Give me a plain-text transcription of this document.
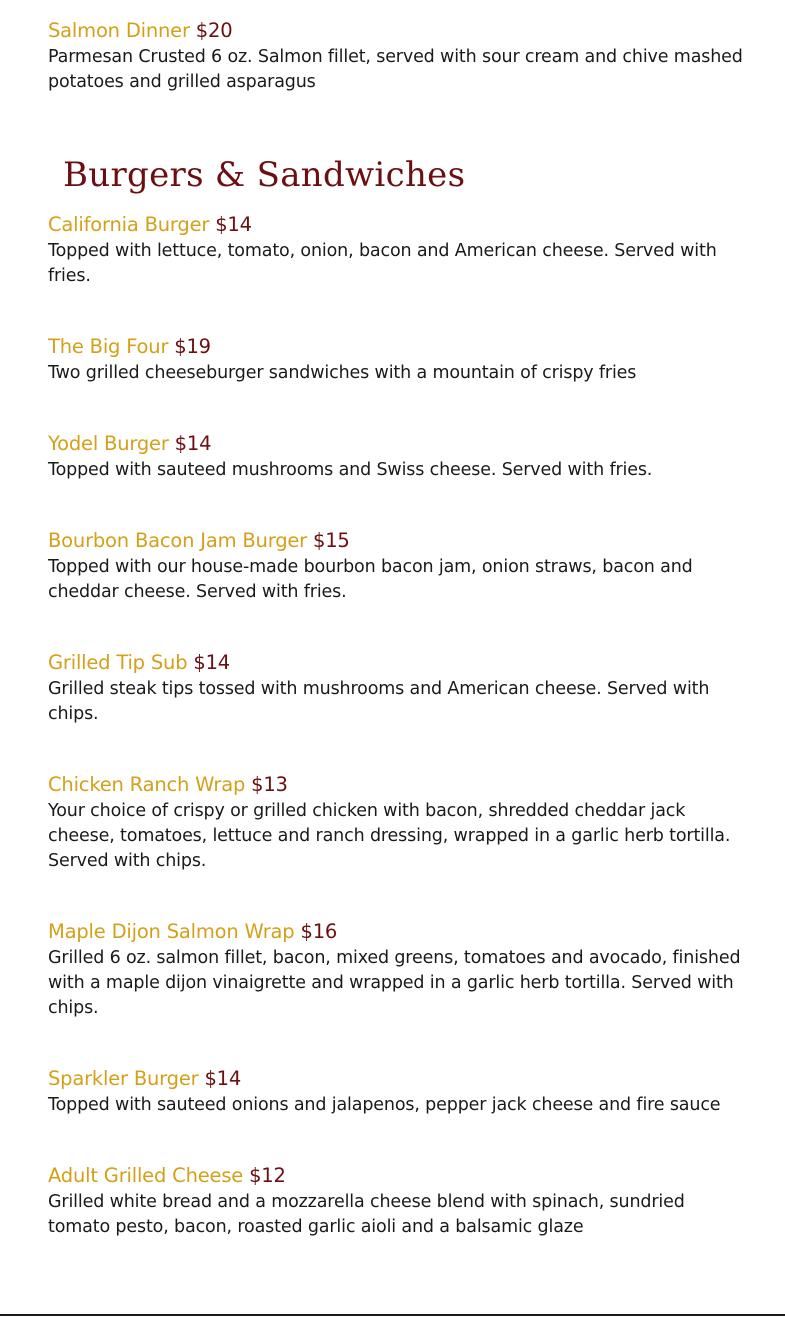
Salmon Dinner $20
Parmesan Crusted 6 oz. Salmon fillet, served with sour cream and chive mashed potatoes and grilled asparagus
Burgers & Sandwiches
California Burger $14
Topped with lettuce, tomato, onion, bacon and American cheese. Served with fries.
The Big Four $19
Two grilled cheeseburger sandwiches with a mountain of crispy fries
Yodel Burger $14
Topped with sauteed mushrooms and Swiss cheese. Served with fries.
Bourbon Bacon Jam Burger $15
Topped with our house-made bourbon bacon jam, onion straws, bacon and cheddar cheese. Served with fries.
Grilled Tip Sub $14
Grilled steak tips tossed with mushrooms and American cheese. Served with chips.
Chicken Ranch Wrap $13
Your choice of crispy or grilled chicken with bacon, shredded cheddar jack cheese, tomatoes, lettuce and ranch dressing, wrapped in a garlic herb tortilla. Served with chips.
Maple Dijon Salmon Wrap $16
Grilled 6 oz. salmon fillet, bacon, mixed greens, tomatoes and avocado, finished with a maple dijon vinaigrette and wrapped in a garlic herb tortilla. Served with chips.
Sparkler Burger $14
Topped with sauteed onions and jalapenos, pepper jack cheese and fire sauce
Adult Grilled Cheese $12
Grilled white bread and a mozzarella cheese blend with spinach, sundried tomato pesto, bacon, roasted garlic aioli and a balsamic glaze
